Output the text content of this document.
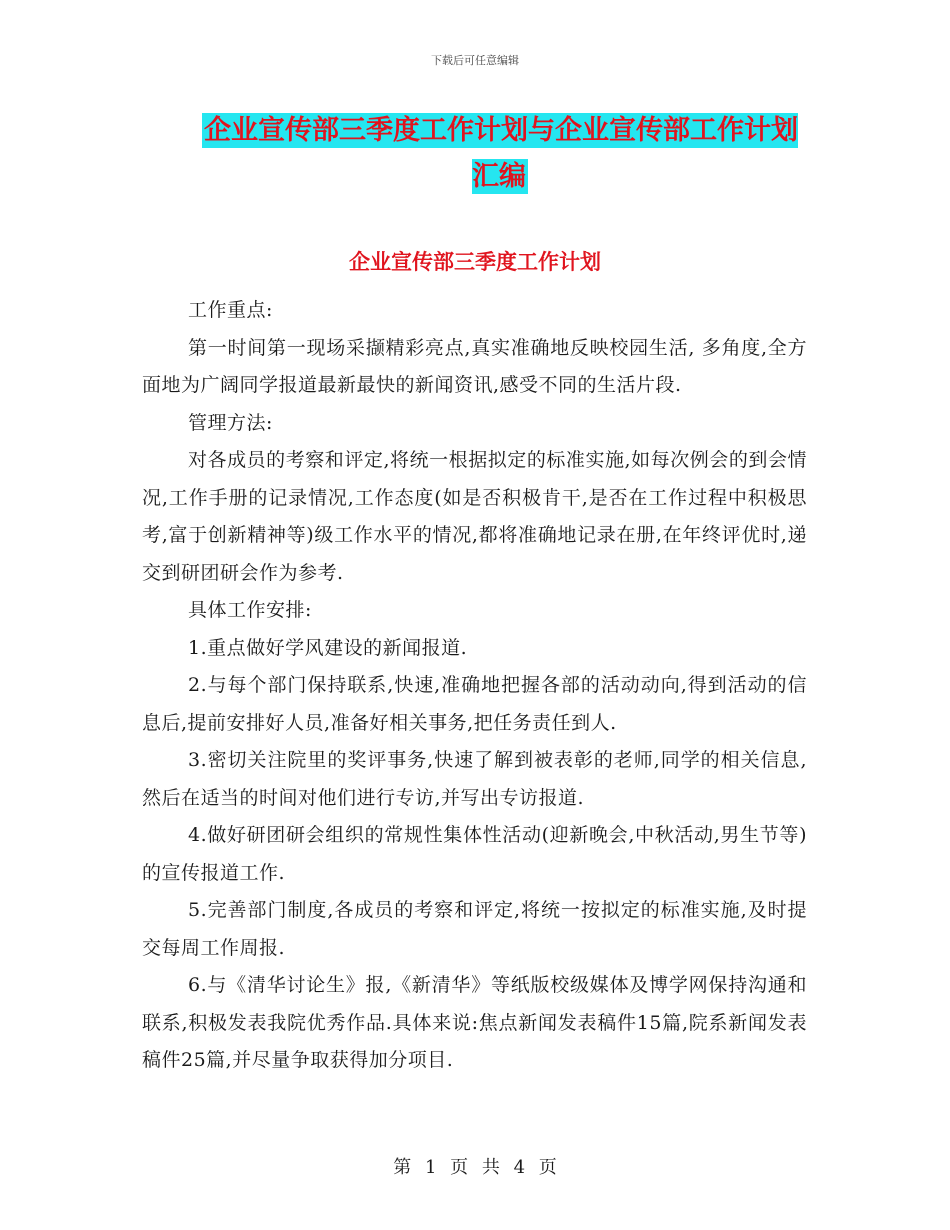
下载后可任意编辑
企业宣传部三季度工作计划与企业宣传部工作计划汇编
企业宣传部三季度工作计划

工作重点:

第一时间第一现场采撷精彩亮点,真实准确地反映校园生活, 多角度,全方面地为广阔同学报道最新最快的新闻资讯,感受不同的生活片段.

管理方法:

对各成员的考察和评定,将统一根据拟定的标准实施,如每次例会的到会情况,工作手册的记录情况,工作态度(如是否积极肯干,是否在工作过程中积极思考,富于创新精神等)级工作水平的情况,都将准确地记录在册,在年终评优时,递交到研团研会作为参考.

具体工作安排:

1.重点做好学风建设的新闻报道.

2.与每个部门保持联系,快速,准确地把握各部的活动动向,得到活动的信息后,提前安排好人员,准备好相关事务,把任务责任到人.

3.密切关注院里的奖评事务,快速了解到被表彰的老师,同学的相关信息,然后在适当的时间对他们进行专访,并写出专访报道.

4.做好研团研会组织的常规性集体性活动(迎新晚会,中秋活动,男生节等)的宣传报道工作.

5.完善部门制度,各成员的考察和评定,将统一按拟定的标准实施,及时提交每周工作周报.

6.与《清华讨论生》报,《新清华》等纸版校级媒体及博学网保持沟通和联系,积极发表我院优秀作品.具体来说:焦点新闻发表稿件15篇,院系新闻发表稿件25篇,并尽量争取获得加分项目.

第 1 页 共 4 页
